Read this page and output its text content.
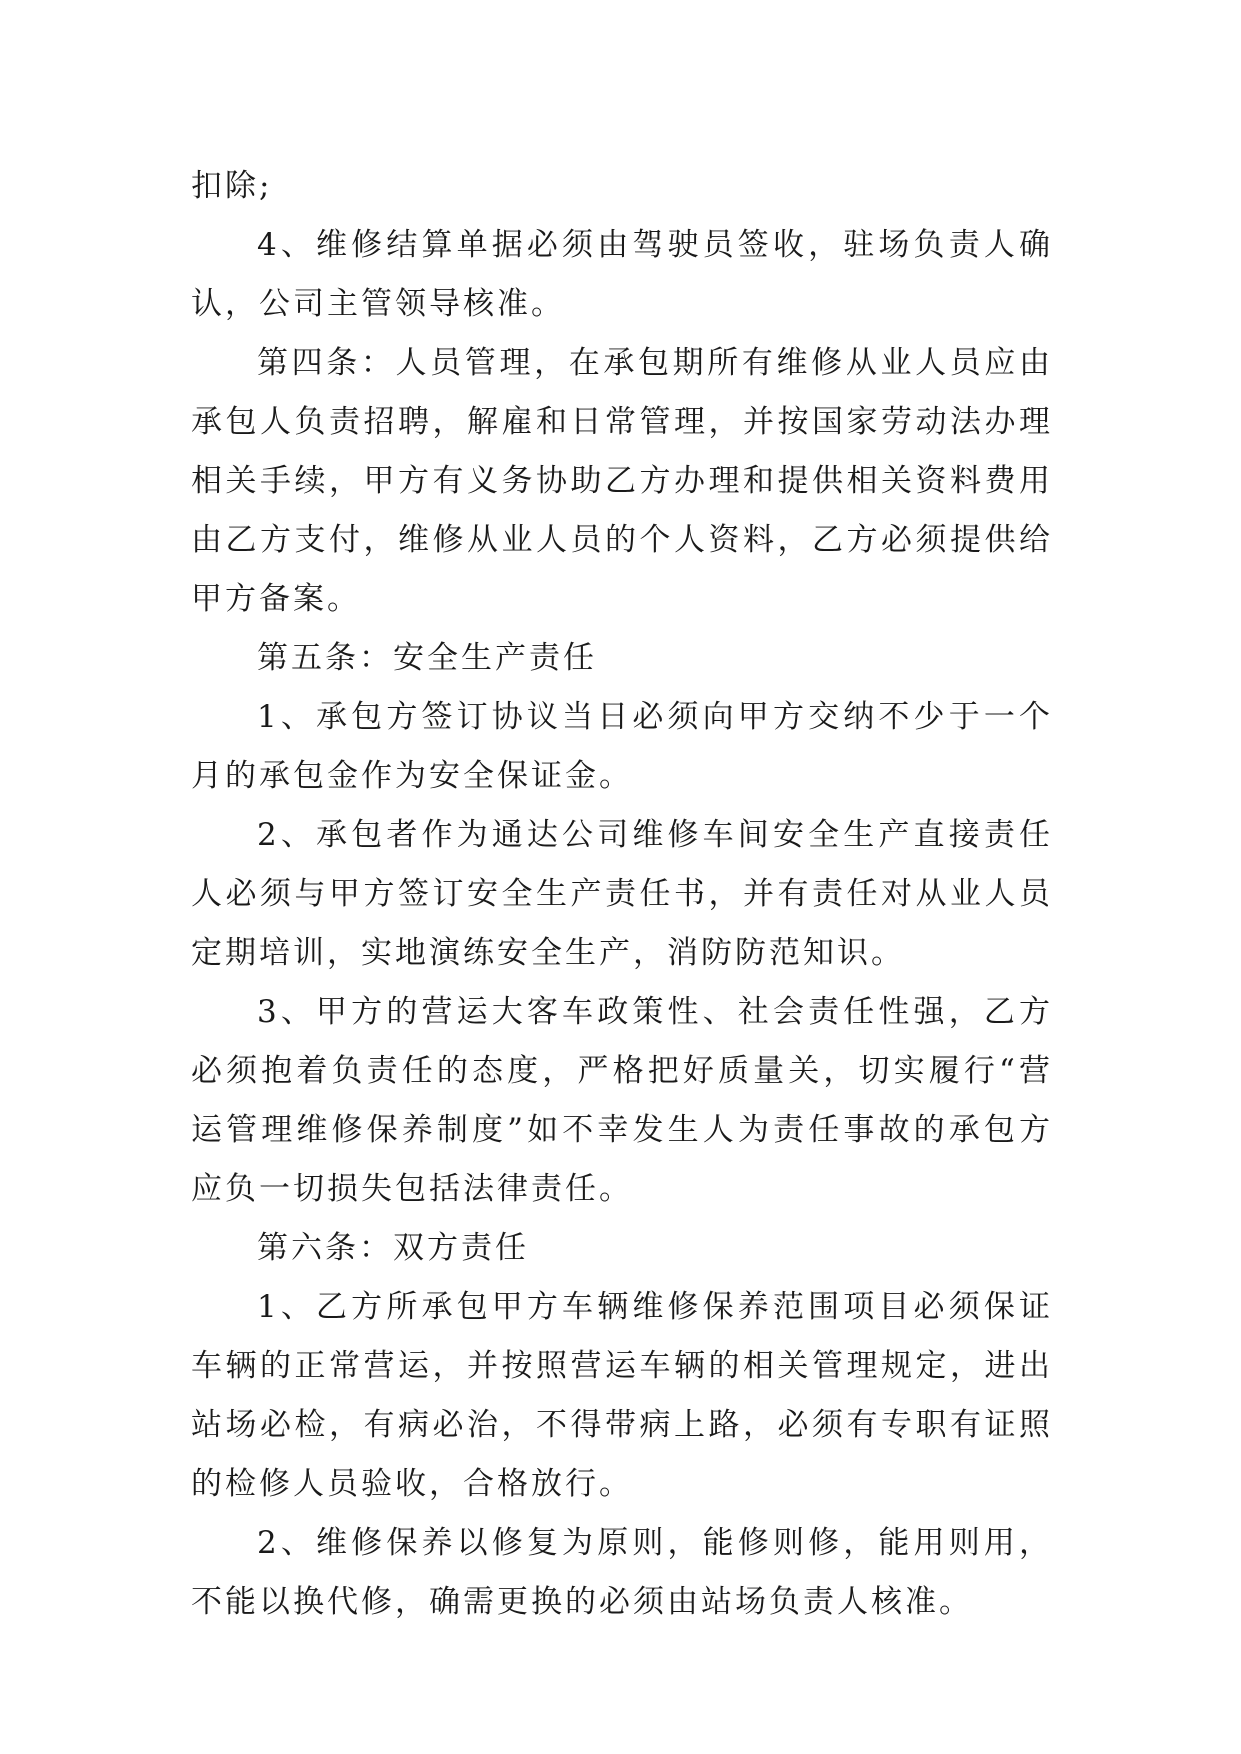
扣除;

4、维修结算单据必须由驾驶员签收，驻场负责人确认，公司主管领导核准。

第四条：人员管理，在承包期所有维修从业人员应由承包人负责招聘，解雇和日常管理，并按国家劳动法办理相关手续，甲方有义务协助乙方办理和提供相关资料费用由乙方支付，维修从业人员的个人资料，乙方必须提供给甲方备案。

第五条：安全生产责任

1、承包方签订协议当日必须向甲方交纳不少于一个月的承包金作为安全保证金。

2、承包者作为通达公司维修车间安全生产直接责任人必须与甲方签订安全生产责任书，并有责任对从业人员定期培训，实地演练安全生产，消防防范知识。

3、甲方的营运大客车政策性、社会责任性强，乙方必须抱着负责任的态度，严格把好质量关，切实履行“营运管理维修保养制度”如不幸发生人为责任事故的承包方应负一切损失包括法律责任。

第六条：双方责任

1、乙方所承包甲方车辆维修保养范围项目必须保证车辆的正常营运，并按照营运车辆的相关管理规定，进出站场必检，有病必治，不得带病上路，必须有专职有证照的检修人员验收，合格放行。

2、维修保养以修复为原则，能修则修，能用则用，不能以换代修，确需更换的必须由站场负责人核准。
